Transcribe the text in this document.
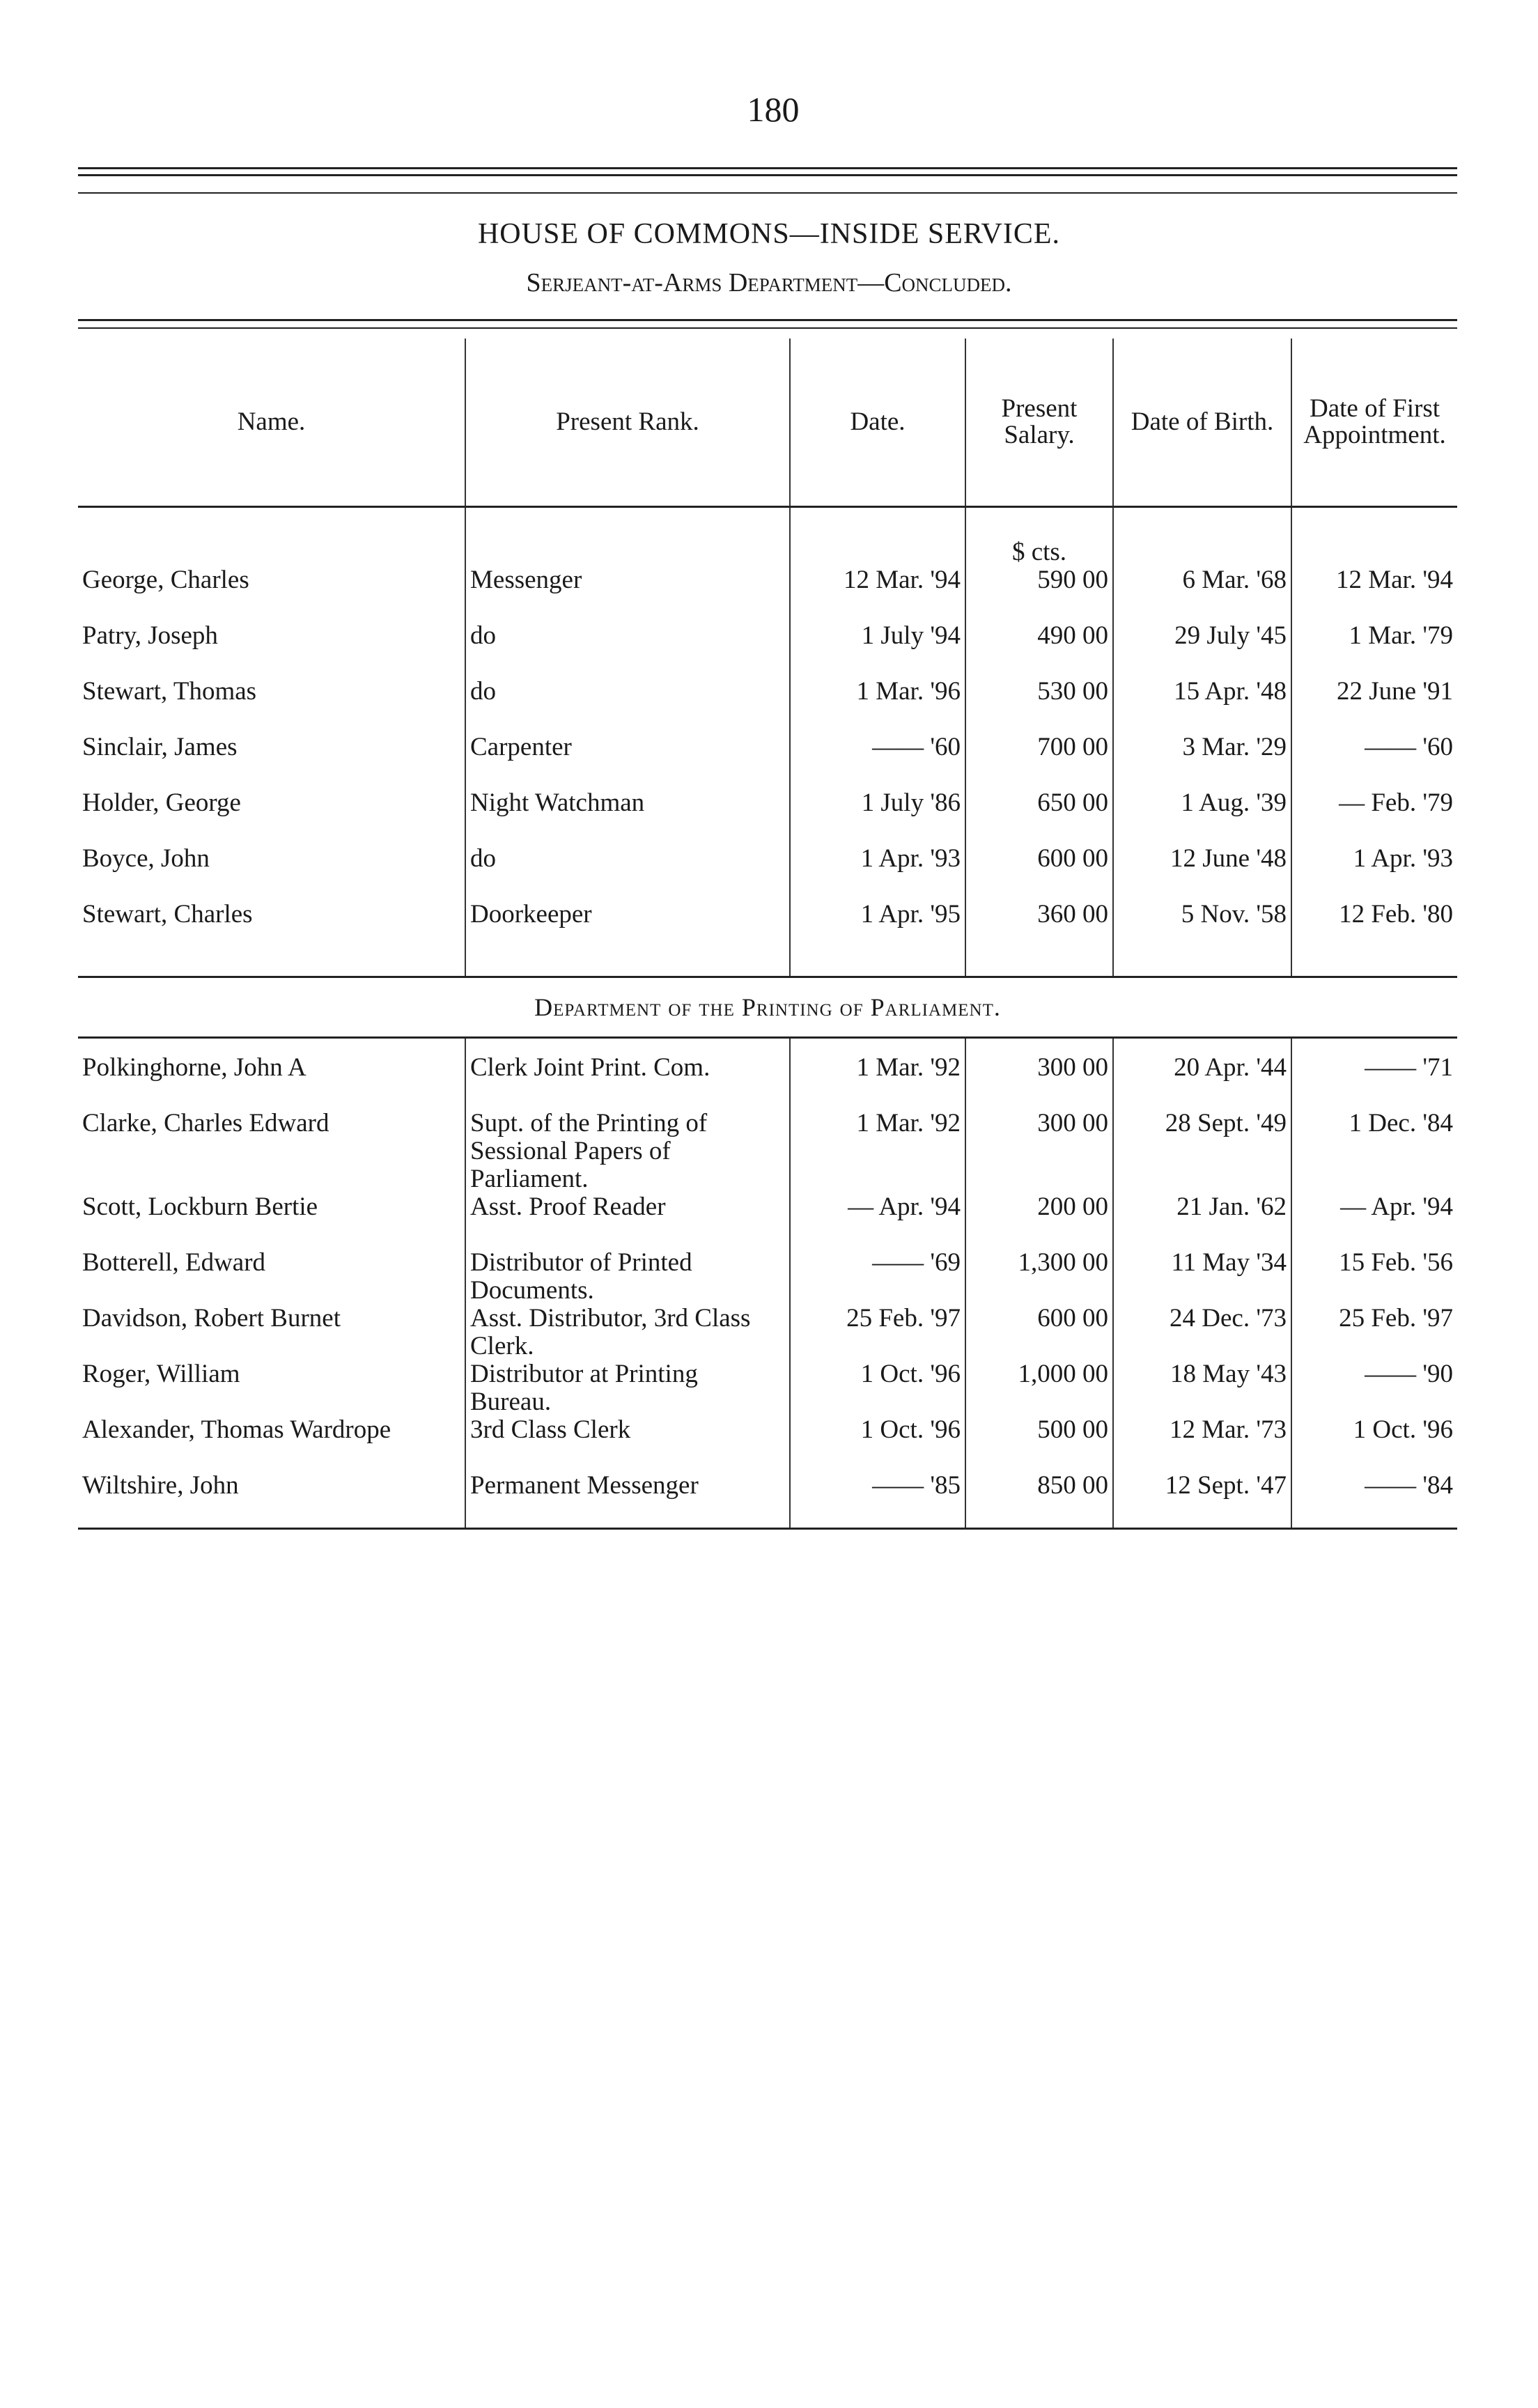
180
HOUSE OF COMMONS—INSIDE SERVICE.
Serjeant-at-Arms Department—Concluded.
Name.	Present Rank.	Date.	Present Salary.	Date of Birth.	Date of First Appointment.
			$ cts.		
George, Charles	Messenger	12 Mar. '94	590 00	6 Mar. '68	12 Mar. '94
Patry, Joseph	do	1 July '94	490 00	29 July '45	1 Mar. '79
Stewart, Thomas	do	1 Mar. '96	530 00	15 Apr. '48	22 June '91
Sinclair, James	Carpenter	—— '60	700 00	3 Mar. '29	—— '60
Holder, George	Night Watchman	1 July '86	650 00	1 Aug. '39	— Feb. '79
Boyce, John	do	1 Apr. '93	600 00	12 June '48	1 Apr. '93
Stewart, Charles	Doorkeeper	1 Apr. '95	360 00	5 Nov. '58	12 Feb. '80

Department of the Printing of Parliament.					

Polkinghorne, John A	Clerk Joint Print. Com.	1 Mar. '92	300 00	20 Apr. '44	—— '71
Clarke, Charles Edward	Supt. of the Printing of Sessional Papers of Parliament.	1 Mar. '92	300 00	28 Sept. '49	1 Dec. '84
Scott, Lockburn Bertie	Asst. Proof Reader	— Apr. '94	200 00	21 Jan. '62	— Apr. '94
Botterell, Edward	Distributor of Printed Documents.	—— '69	1,300 00	11 May '34	15 Feb. '56
Davidson, Robert Burnet	Asst. Distributor, 3rd Class Clerk.	25 Feb. '97	600 00	24 Dec. '73	25 Feb. '97
Roger, William	Distributor at Printing Bureau.	1 Oct. '96	1,000 00	18 May '43	—— '90
Alexander, Thomas Wardrope	3rd Class Clerk	1 Oct. '96	500 00	12 Mar. '73	1 Oct. '96
Wiltshire, John	Permanent Messenger	—— '85	850 00	12 Sept. '47	—— '84
